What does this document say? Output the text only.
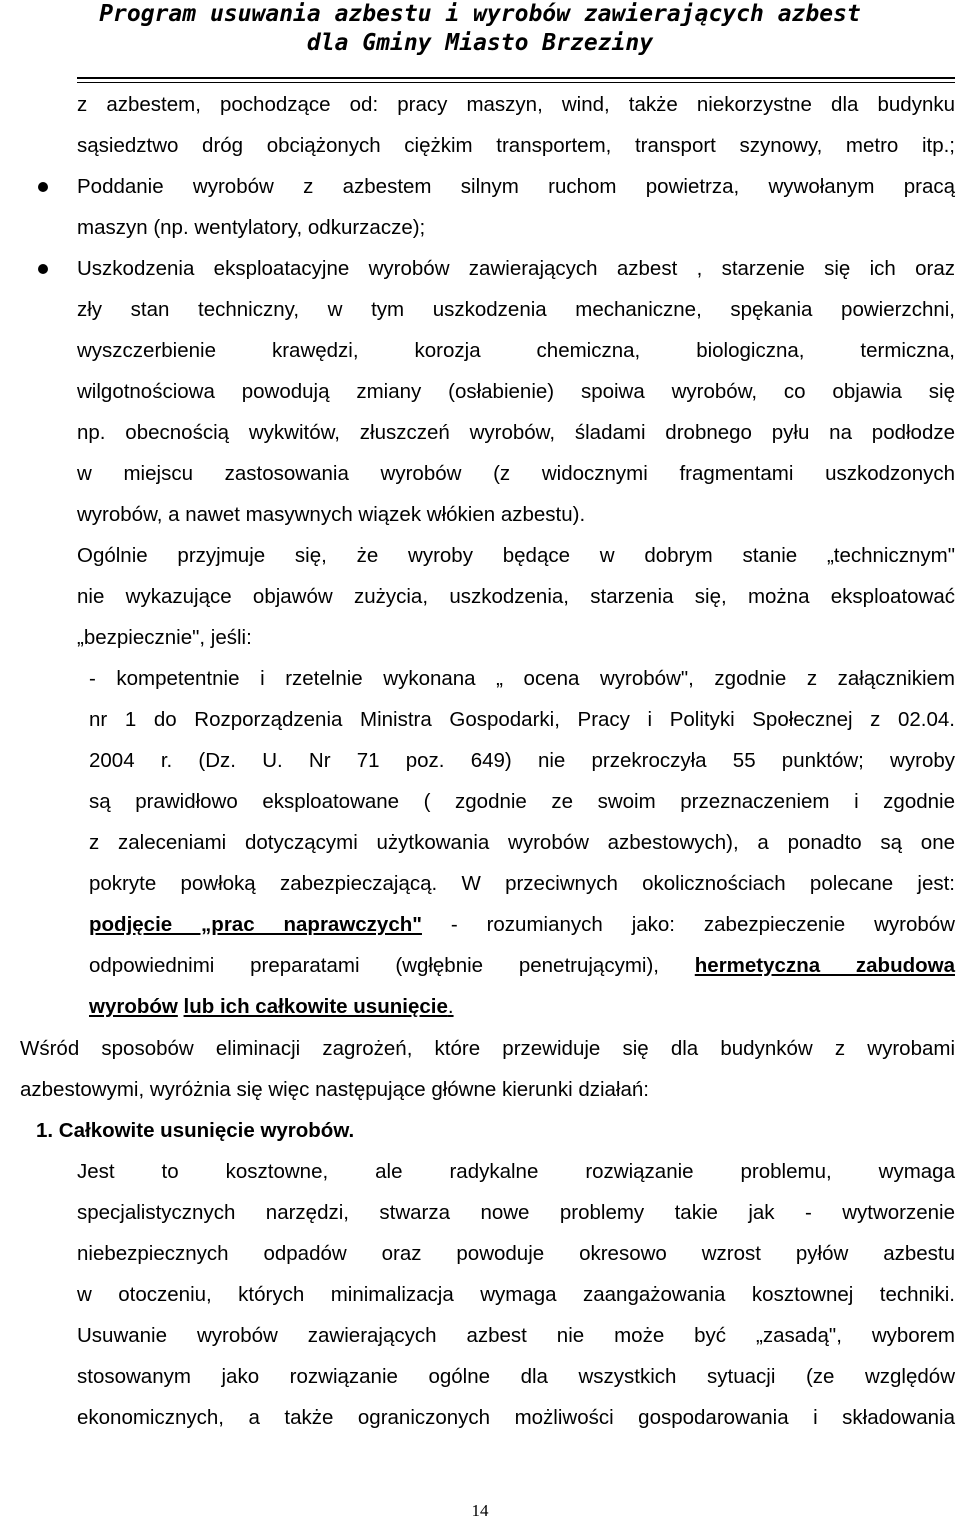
Program usuwania azbestu i wyrobów zawierających azbest
dla Gminy Miasto Brzeziny
z azbestem, pochodzące od: pracy maszyn, wind, także niekorzystne dla budynku
sąsiedztwo dróg obciążonych ciężkim transportem, transport szynowy, metro itp.;
Poddanie wyrobów z azbestem silnym ruchom powietrza, wywołanym pracą
maszyn (np. wentylatory, odkurzacze);
Uszkodzenia eksploatacyjne wyrobów zawierających azbest , starzenie się ich oraz
zły stan techniczny, w tym uszkodzenia mechaniczne, spękania powierzchni,
wyszczerbienie krawędzi, korozja chemiczna, biologiczna, termiczna,
wilgotnościowa powodują zmiany (osłabienie) spoiwa wyrobów, co objawia się
np. obecnością wykwitów, złuszczeń wyrobów, śladami drobnego pyłu na podłodze
w miejscu zastosowania wyrobów (z widocznymi fragmentami uszkodzonych
wyrobów, a nawet masywnych wiązek włókien azbestu).
Ogólnie przyjmuje się, że wyroby będące w dobrym stanie „technicznym"
nie wykazujące objawów zużycia, uszkodzenia, starzenia się, można eksploatować
„bezpiecznie", jeśli:
- kompetentnie i rzetelnie wykonana „ ocena wyrobów", zgodnie z załącznikiem
nr 1 do Rozporządzenia Ministra Gospodarki, Pracy i Polityki Społecznej z 02.04.
2004 r. (Dz. U. Nr 71 poz. 649) nie przekroczyła 55 punktów; wyroby
są prawidłowo eksploatowane ( zgodnie ze swoim przeznaczeniem i zgodnie
z zaleceniami dotyczącymi użytkowania wyrobów azbestowych), a ponadto są one
pokryte powłoką zabezpieczającą. W przeciwnych okolicznościach polecane jest:
podjęcie „prac naprawczych" - rozumianych jako: zabezpieczenie wyrobów
odpowiednimi preparatami (wgłębnie penetrującymi), hermetyczna zabudowa
wyrobów lub ich całkowite usunięcie.
Wśród sposobów eliminacji zagrożeń, które przewiduje się dla budynków z wyrobami
azbestowymi, wyróżnia się więc następujące główne kierunki działań:
1. Całkowite usunięcie wyrobów.
Jest to kosztowne, ale radykalne rozwiązanie problemu, wymaga
specjalistycznych narzędzi, stwarza nowe problemy takie jak - wytworzenie
niebezpiecznych odpadów oraz powoduje okresowo wzrost pyłów azbestu
w otoczeniu, których minimalizacja wymaga zaangażowania kosztownej techniki.
Usuwanie wyrobów zawierających azbest nie może być „zasadą", wyborem
stosowanym jako rozwiązanie ogólne dla wszystkich sytuacji (ze względów
ekonomicznych, a także ograniczonych możliwości gospodarowania i składowania
14
